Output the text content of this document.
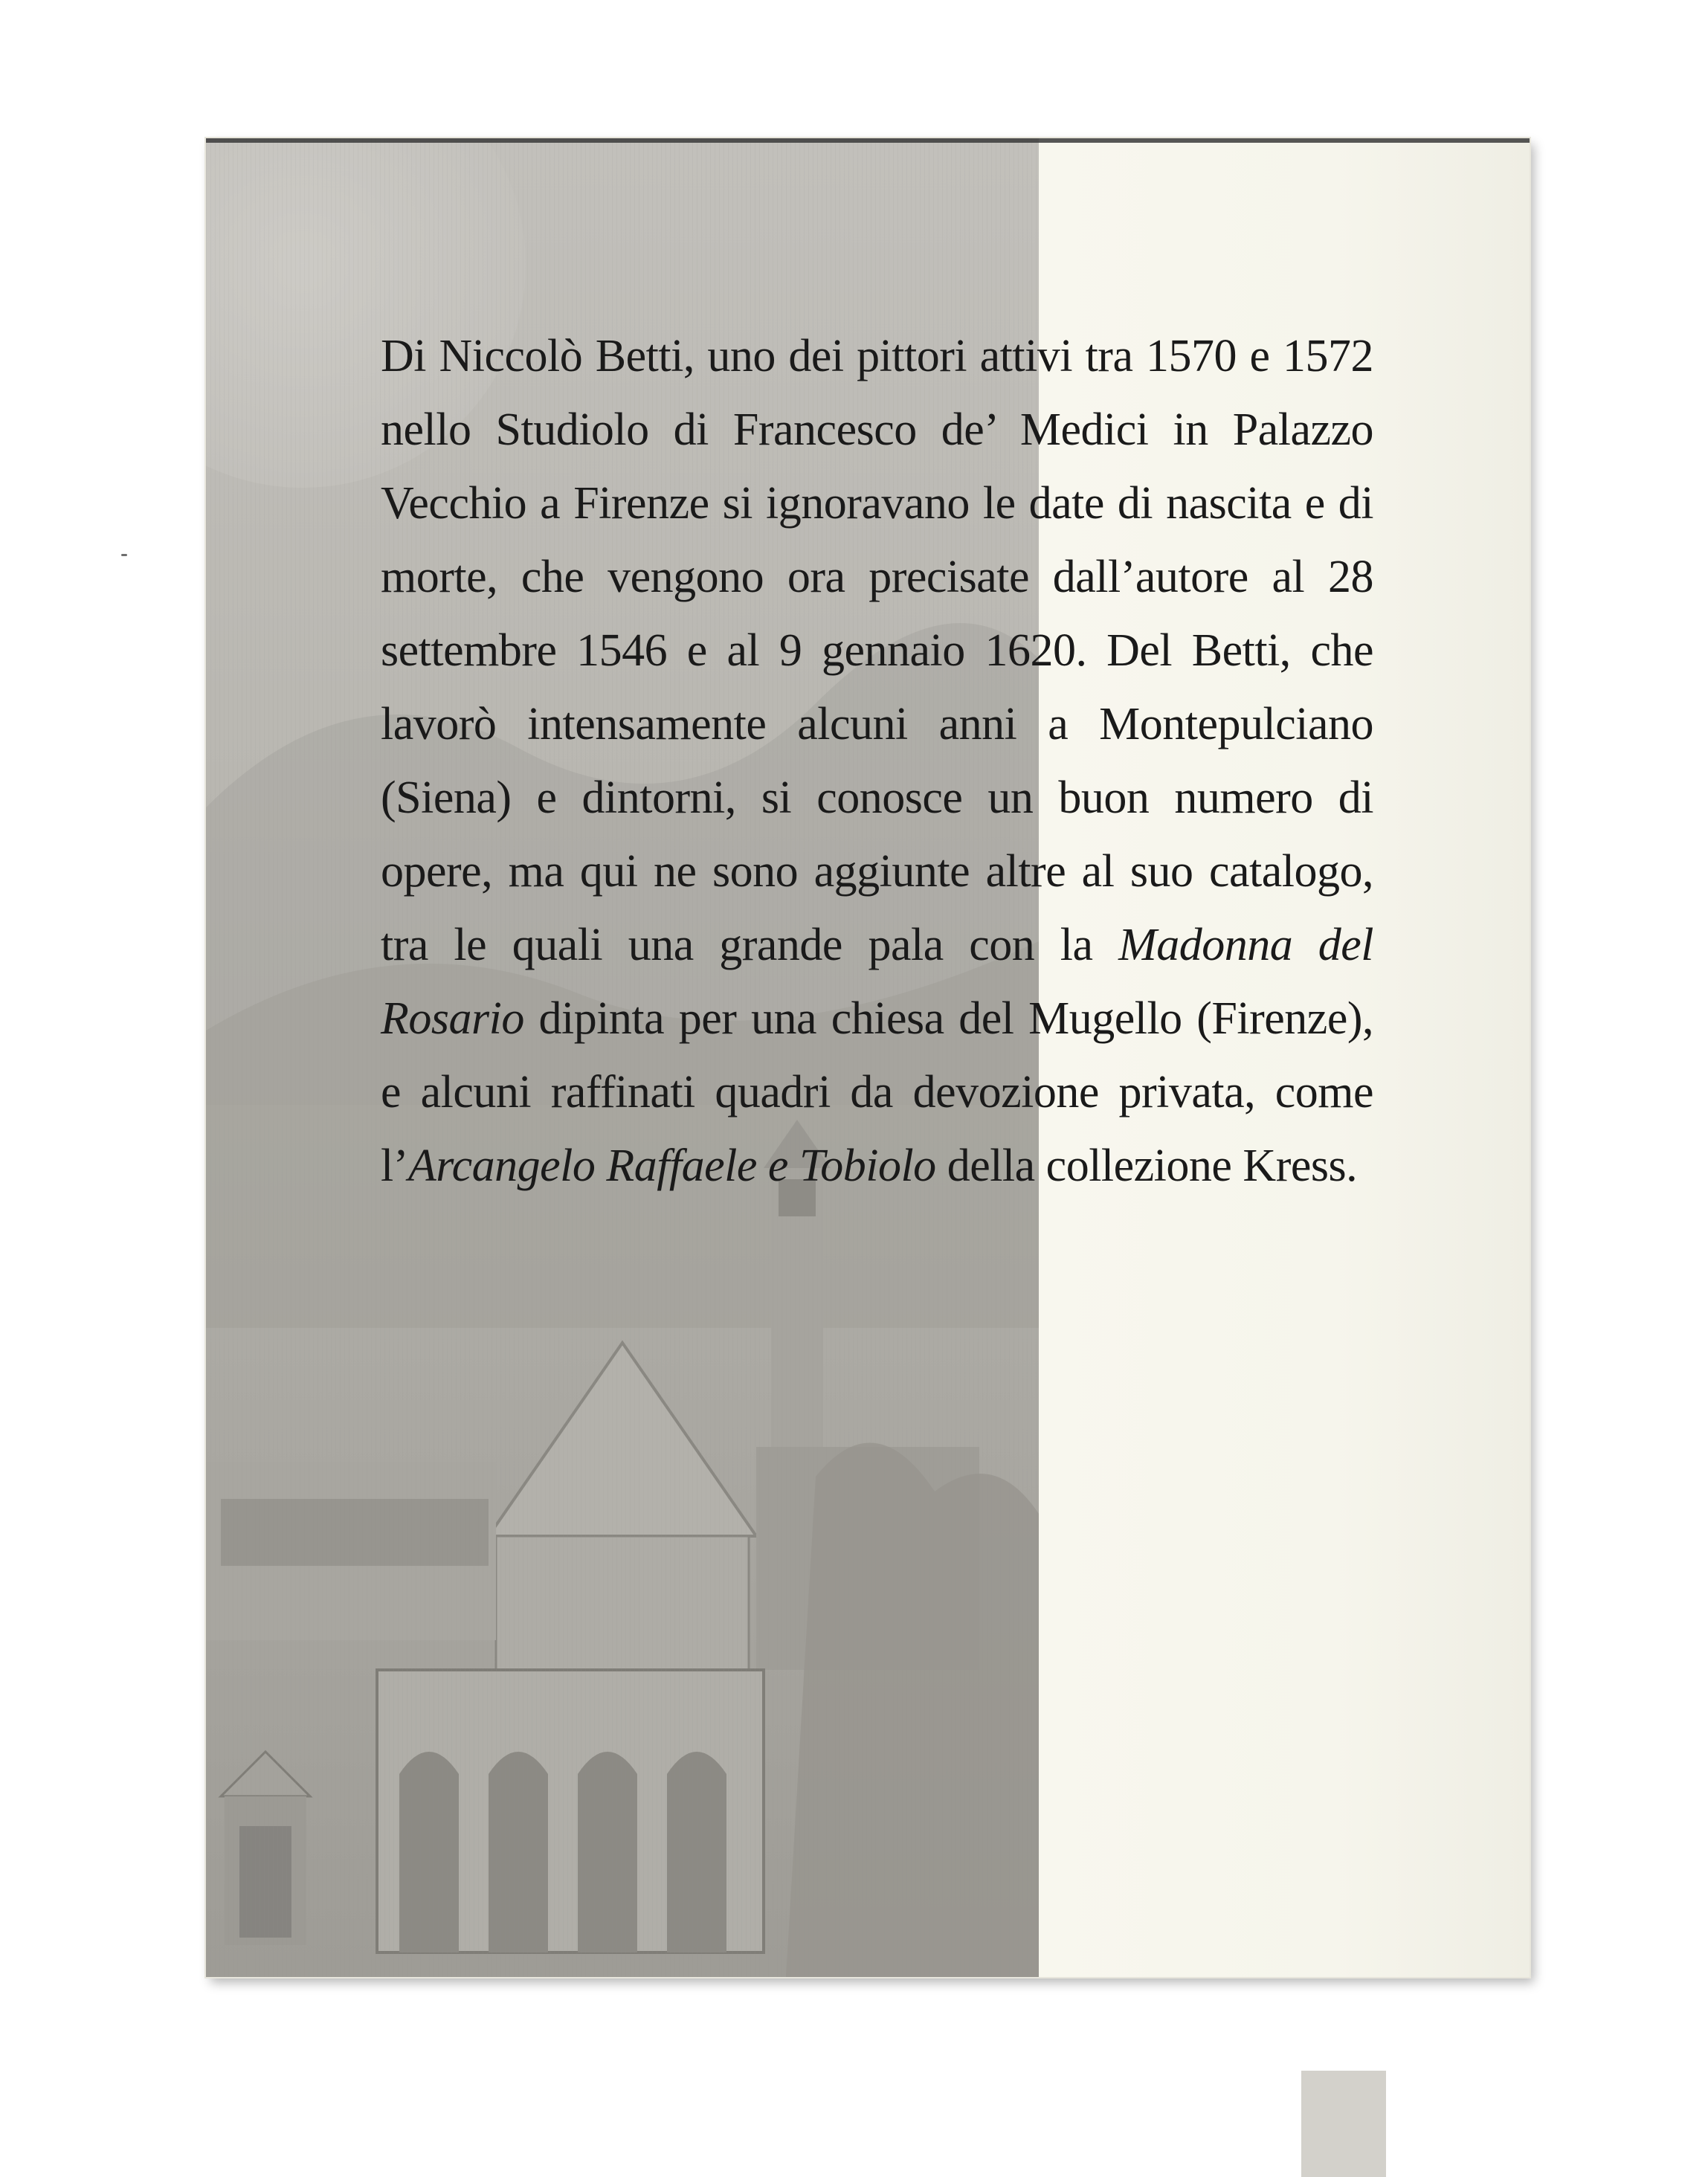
Di Niccolò Betti, uno dei pittori attivi tra 1570 e 1572
nello Studiolo di Francesco de’ Medici in Palazzo
Vecchio a Firenze si ignoravano le date di nascita e di
morte, che vengono ora precisate dall’autore al 28
settembre 1546 e al 9 gennaio 1620. Del Betti, che
lavorò intensamente alcuni anni a Montepulciano
(Siena) e dintorni, si conosce un buon numero di
opere, ma qui ne sono aggiunte altre al suo catalogo,
tra le quali una grande pala con la Madonna del
Rosario dipinta per una chiesa del Mugello (Firenze),
e alcuni raffinati quadri da devozione privata, come
l’Arcangelo Raffaele e Tobiolo della collezione Kress.
